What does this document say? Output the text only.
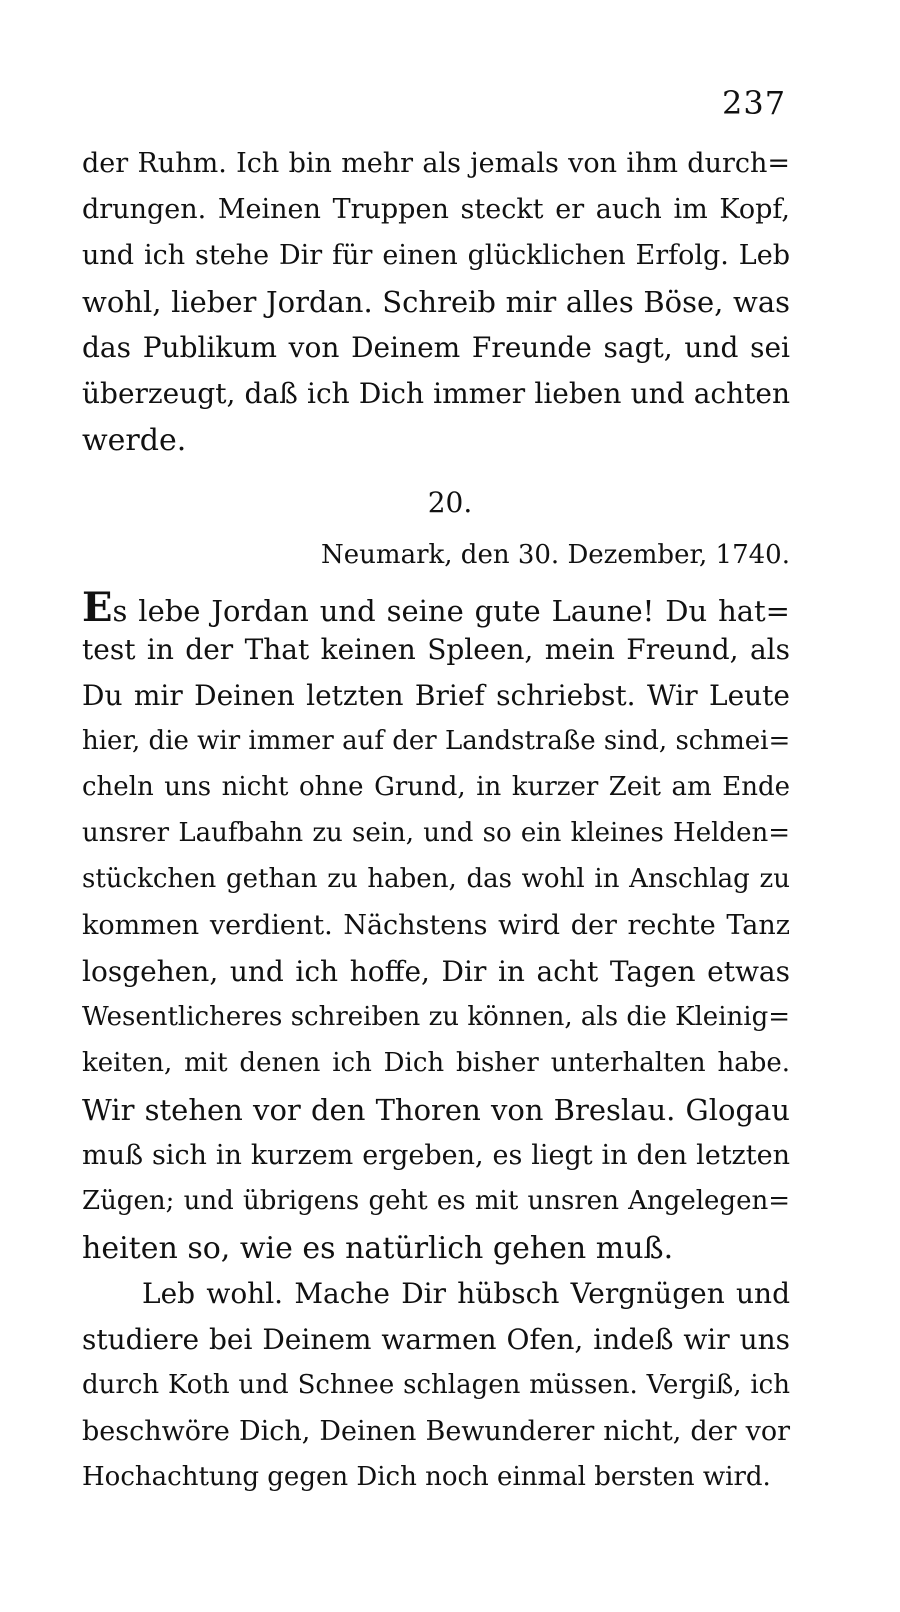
237
der Ruhm. Ich bin mehr als jemals von ihm durch=
drungen. Meinen Truppen steckt er auch im Kopf,
und ich stehe Dir für einen glücklichen Erfolg. Leb
wohl, lieber Jordan. Schreib mir alles Böse, was
das Publikum von Deinem Freunde sagt, und sei
überzeugt, daß ich Dich immer lieben und achten
werde.
20.
Neumark, den 30. Dezember, 1740.
Es lebe Jordan und seine gute Laune! Du hat=
test in der That keinen Spleen, mein Freund, als
Du mir Deinen letzten Brief schriebst. Wir Leute
hier, die wir immer auf der Landstraße sind, schmei=
cheln uns nicht ohne Grund, in kurzer Zeit am Ende
unsrer Laufbahn zu sein, und so ein kleines Helden=
stückchen gethan zu haben, das wohl in Anschlag zu
kommen verdient. Nächstens wird der rechte Tanz
losgehen, und ich hoffe, Dir in acht Tagen etwas
Wesentlicheres schreiben zu können, als die Kleinig=
keiten, mit denen ich Dich bisher unterhalten habe.
Wir stehen vor den Thoren von Breslau. Glogau
muß sich in kurzem ergeben, es liegt in den letzten
Zügen; und übrigens geht es mit unsren Angelegen=
heiten so, wie es natürlich gehen muß.
Leb wohl. Mache Dir hübsch Vergnügen und
studiere bei Deinem warmen Ofen, indeß wir uns
durch Koth und Schnee schlagen müssen. Vergiß, ich
beschwöre Dich, Deinen Bewunderer nicht, der vor
Hochachtung gegen Dich noch einmal bersten wird.
